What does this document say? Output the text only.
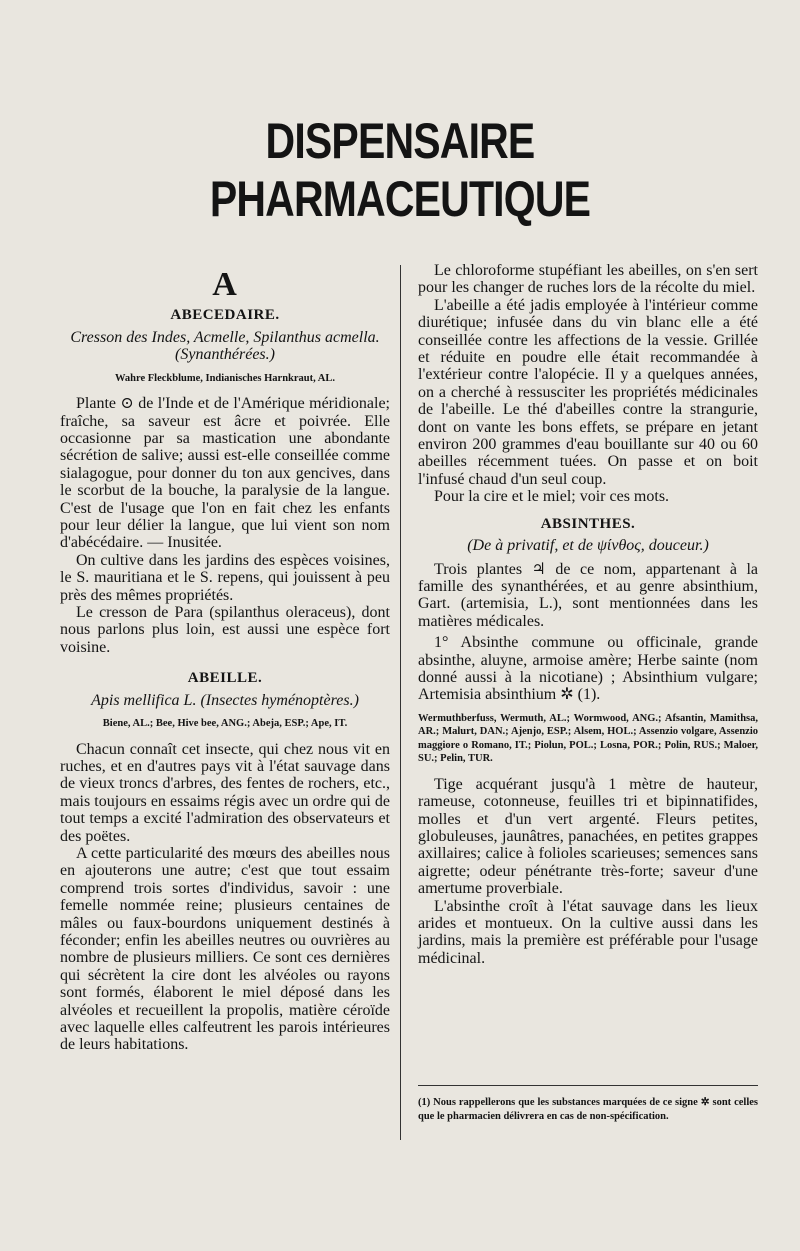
DISPENSAIRE PHARMACEUTIQUE
A
ABECEDAIRE.
Cresson des Indes, Acmelle, Spilanthus acmella. (Synanthérées.)
Wahre Fleckblume, Indianisches Harnkraut, AL.

Plante ⊙ de l'Inde et de l'Amérique méridionale; fraîche, sa saveur est âcre et poivrée. Elle occasionne par sa mastication une abondante sécrétion de salive; aussi est-elle conseillée comme sialagogue, pour donner du ton aux gencives, dans le scorbut de la bouche, la paralysie de la langue. C'est de l'usage que l'on en fait chez les enfants pour leur délier la langue, que lui vient son nom d'abécédaire. — Inusitée.

On cultive dans les jardins des espèces voisines, le S. mauritiana et le S. repens, qui jouissent à peu près des mêmes propriétés.

Le cresson de Para (spilanthus oleraceus), dont nous parlons plus loin, est aussi une espèce fort voisine.

ABEILLE.
Apis mellifica L. (Insectes hyménoptères.)
Biene, AL.; Bee, Hive bee, ANG.; Abeja, ESP.; Ape, IT.

Chacun connaît cet insecte, qui chez nous vit en ruches, et en d'autres pays vit à l'état sauvage dans de vieux troncs d'arbres, des fentes de rochers, etc., mais toujours en essaims régis avec un ordre qui de tout temps a excité l'admiration des observateurs et des poëtes.

A cette particularité des mœurs des abeilles nous en ajouterons une autre; c'est que tout essaim comprend trois sortes d'individus, savoir : une femelle nommée reine; plusieurs centaines de mâles ou faux-bourdons uniquement destinés à féconder; enfin les abeilles neutres ou ouvrières au nombre de plusieurs milliers. Ce sont ces dernières qui sécrètent la cire dont les alvéoles ou rayons sont formés, élaborent le miel déposé dans les alvéoles et recueillent la propolis, matière céroïde avec laquelle elles calfeutrent les parois intérieures de leurs habitations.

Le chloroforme stupéfiant les abeilles, on s'en sert pour les changer de ruches lors de la récolte du miel.

L'abeille a été jadis employée à l'intérieur comme diurétique; infusée dans du vin blanc elle a été conseillée contre les affections de la vessie. Grillée et réduite en poudre elle était recommandée à l'extérieur contre l'alopécie. Il y a quelques années, on a cherché à ressusciter les propriétés médicinales de l'abeille. Le thé d'abeilles contre la strangurie, dont on vante les bons effets, se prépare en jetant environ 200 grammes d'eau bouillante sur 40 ou 60 abeilles récemment tuées. On passe et on boit l'infusé chaud d'un seul coup.

Pour la cire et le miel; voir ces mots.

ABSINTHES.
(De à privatif, et de ψίνθος, douceur.)

Trois plantes ♃ de ce nom, appartenant à la famille des synanthérées, et au genre absinthium, Gart. (artemisia, L.), sont mentionnées dans les matières médicales.

1° Absinthe commune ou officinale, grande absinthe, aluyne, armoise amère; Herbe sainte (nom donné aussi à la nicotiane) ; Absinthium vulgare; Artemisia absinthium ✲ (1).

Wermuthberfuss, Wermuth, AL.; Wormwood, ANG.; Afsantin, Mamithsa, AR.; Malurt, DAN.; Ajenjo, ESP.; Alsem, HOL.; Assenzio volgare, Assenzio maggiore o Romano, IT.; Piolun, POL.; Losna, POR.; Polin, RUS.; Maloer, SU.; Pelin, TUR.

Tige acquérant jusqu'à 1 mètre de hauteur, rameuse, cotonneuse, feuilles tri et bipinnatifides, molles et d'un vert argenté. Fleurs petites, globuleuses, jaunâtres, panachées, en petites grappes axillaires; calice à folioles scarieuses; semences sans aigrette; odeur pénétrante très-forte; saveur d'une amertume proverbiale.

L'absinthe croît à l'état sauvage dans les lieux arides et montueux. On la cultive aussi dans les jardins, mais la première est préférable pour l'usage médicinal.

(1) Nous rappellerons que les substances marquées de ce signe ✲ sont celles que le pharmacien délivrera en cas de non-spécification.
